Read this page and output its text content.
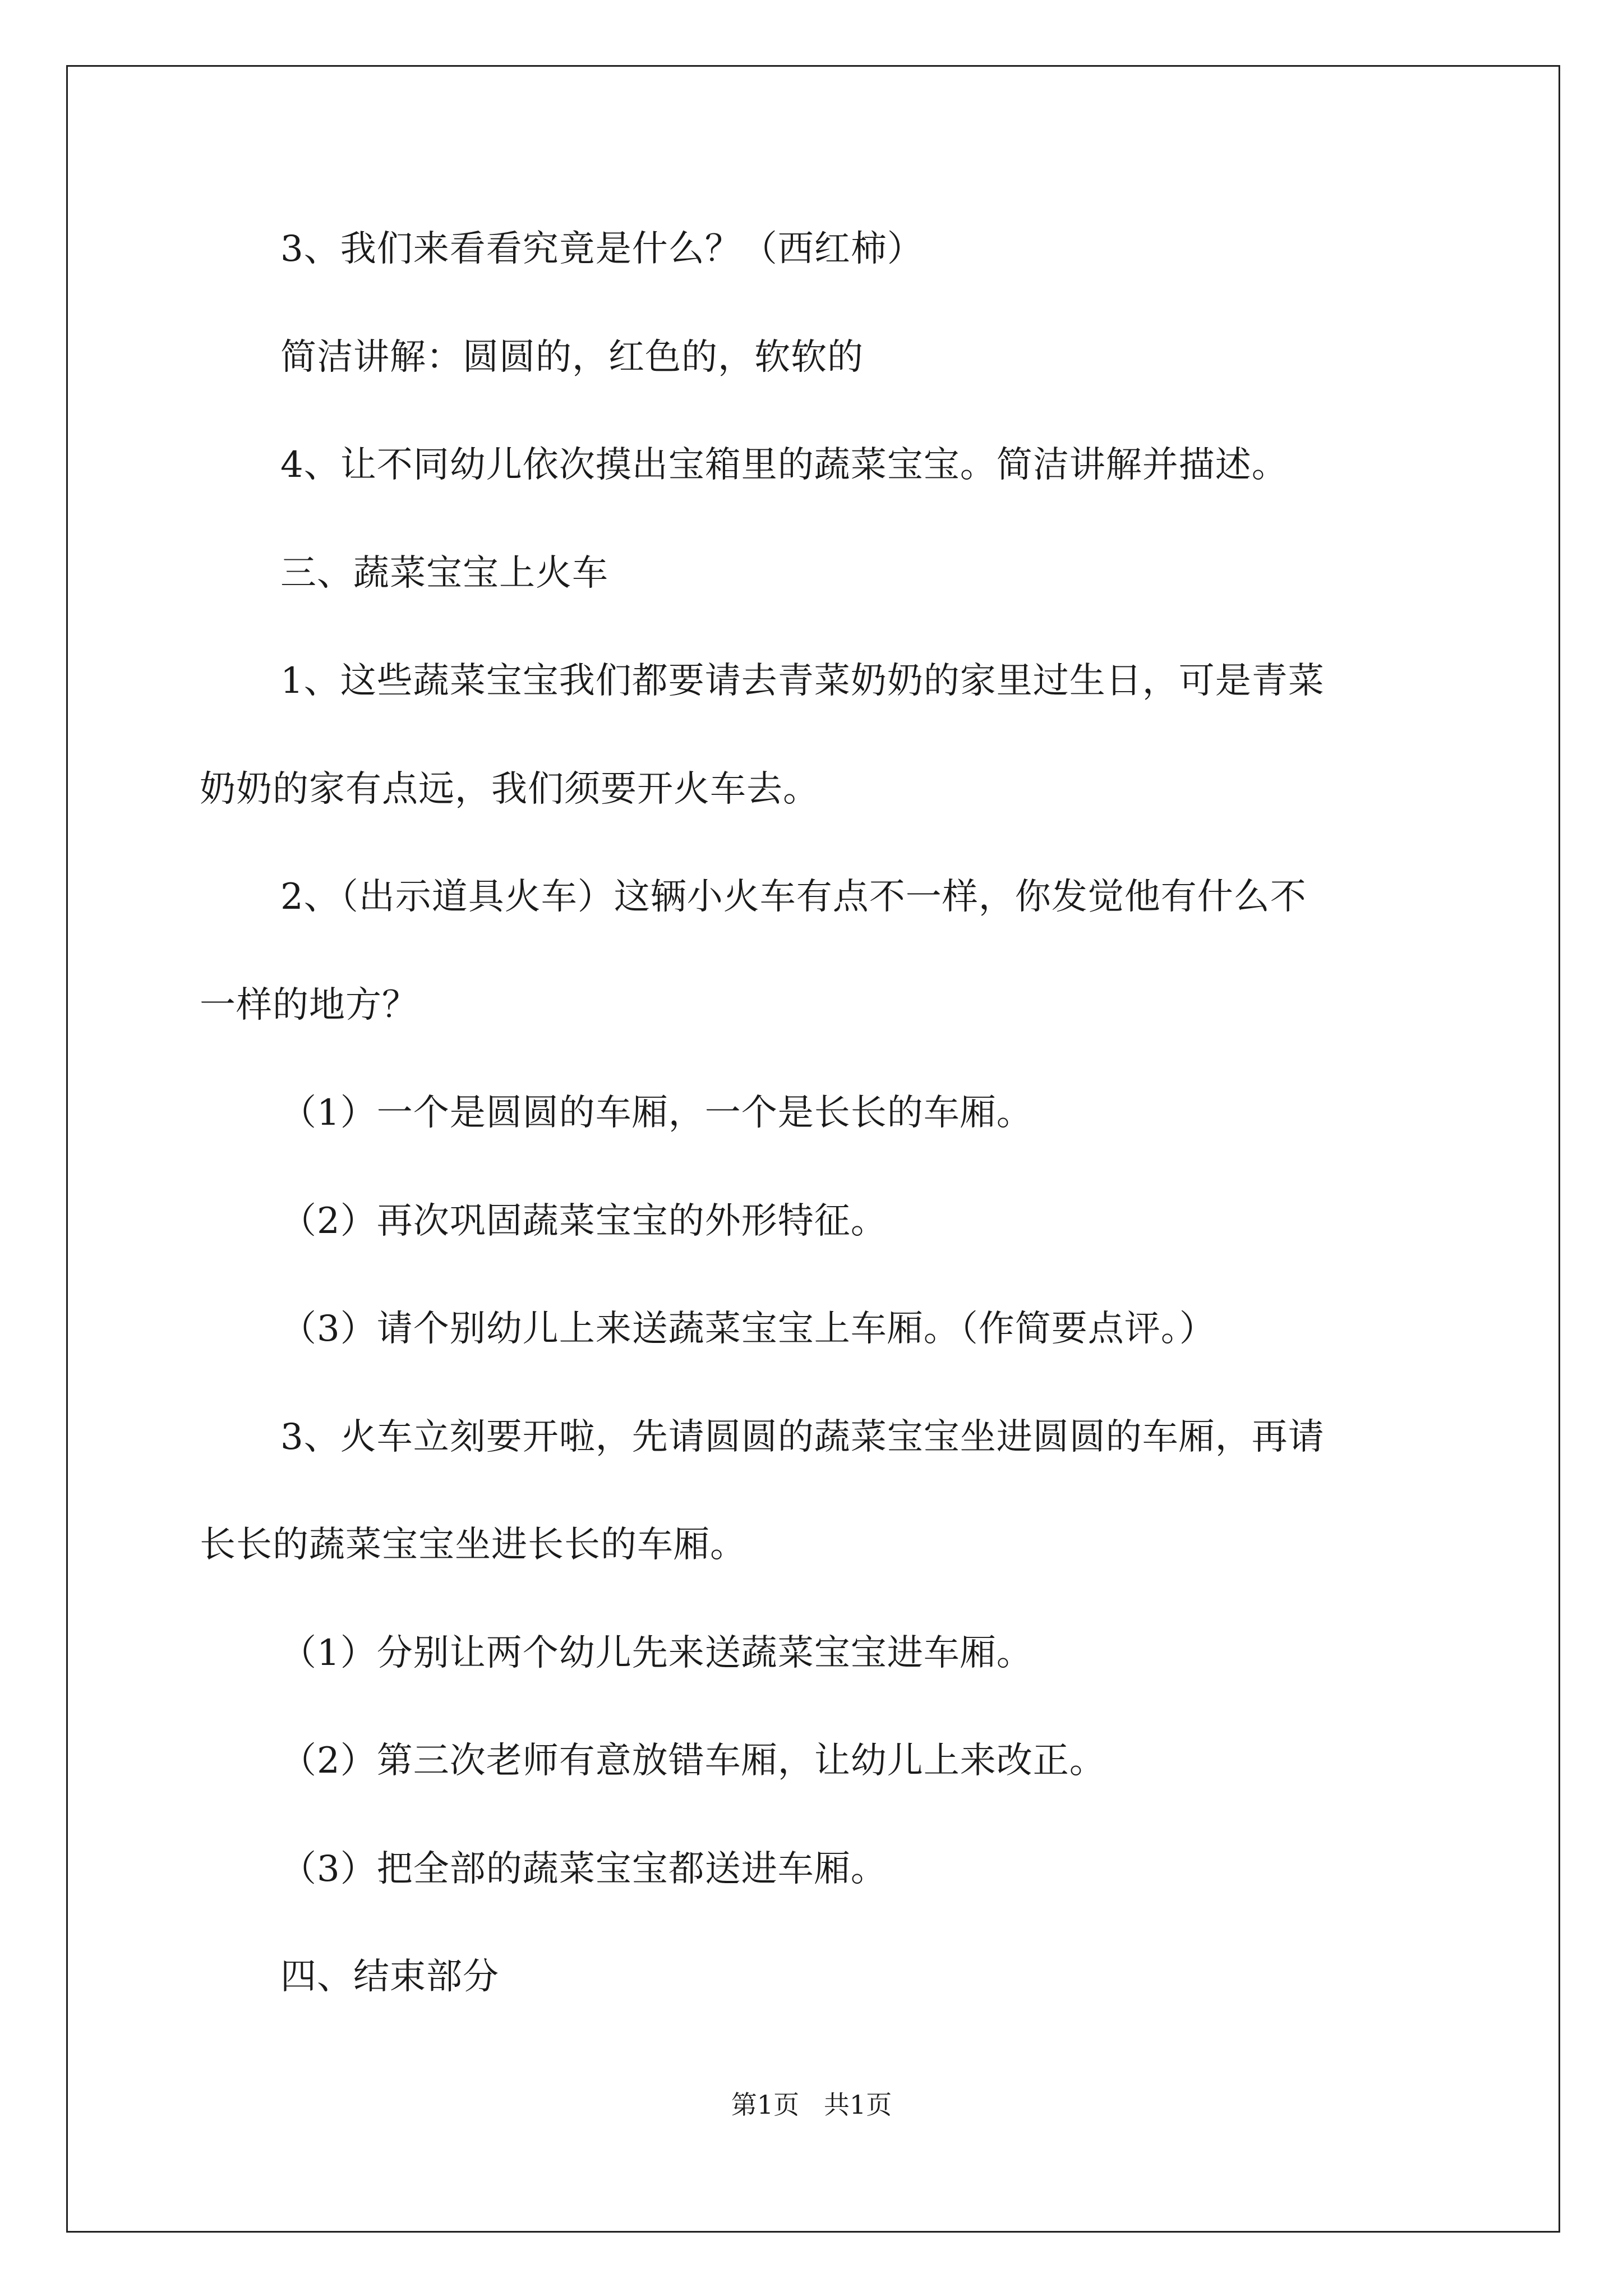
3、我们来看看究竟是什么？（西红柿）
简洁讲解：圆圆的，红色的，软软的
4、让不同幼儿依次摸出宝箱里的蔬菜宝宝。简洁讲解并描述。
三、蔬菜宝宝上火车
1、这些蔬菜宝宝我们都要请去青菜奶奶的家里过生日，可是青菜
奶奶的家有点远，我们须要开火车去。
2、（出示道具火车）这辆小火车有点不一样，你发觉他有什么不
一样的地方？
（1）一个是圆圆的车厢，一个是长长的车厢。
（2）再次巩固蔬菜宝宝的外形特征。
（3）请个别幼儿上来送蔬菜宝宝上车厢。（作简要点评。）
3、火车立刻要开啦，先请圆圆的蔬菜宝宝坐进圆圆的车厢，再请
长长的蔬菜宝宝坐进长长的车厢。
（1）分别让两个幼儿先来送蔬菜宝宝进车厢。
（2）第三次老师有意放错车厢，让幼儿上来改正。
（3）把全部的蔬菜宝宝都送进车厢。
四、结束部分
第1页   共1页
